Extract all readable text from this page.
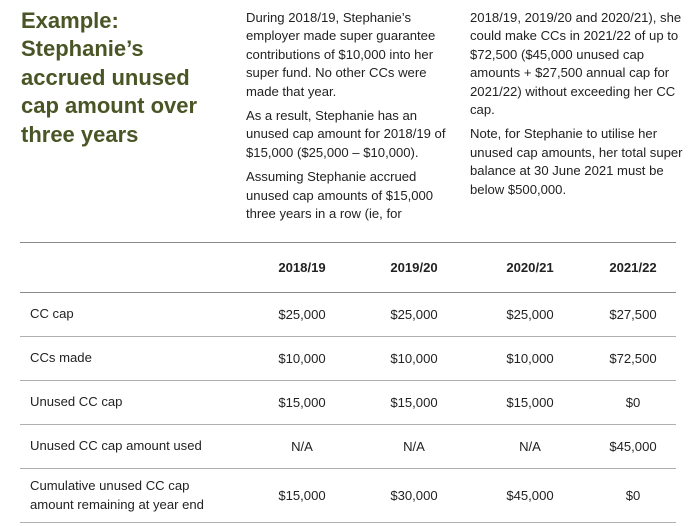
Example:
Stephanie’s
accrued unused
cap amount over
three years

During 2018/19, Stephanie’s employer made super guarantee contributions of $10,000 into her super fund. No other CCs were made that year.

As a result, Stephanie has an unused cap amount for 2018/19 of $15,000 ($25,000 – $10,000).

Assuming Stephanie accrued unused cap amounts of $15,000 three years in a row (ie, for

2018/19, 2019/20 and 2020/21), she could make CCs in 2021/22 of up to $72,500 ($45,000 unused cap amounts + $27,500 annual cap for 2021/22) without exceeding her CC cap.

Note, for Stephanie to utilise her unused cap amounts, her total super balance at 30 June 2021 must be below $500,000.

	2018/19	2019/20	2020/21	2021/22
CC cap	$25,000	$25,000	$25,000	$27,500
CCs made	$10,000	$10,000	$10,000	$72,500
Unused CC cap	$15,000	$15,000	$15,000	$0
Unused CC cap amount used	N/A	N/A	N/A	$45,000
Cumulative unused CC cap
amount remaining at year end	$15,000	$30,000	$45,000	$0
